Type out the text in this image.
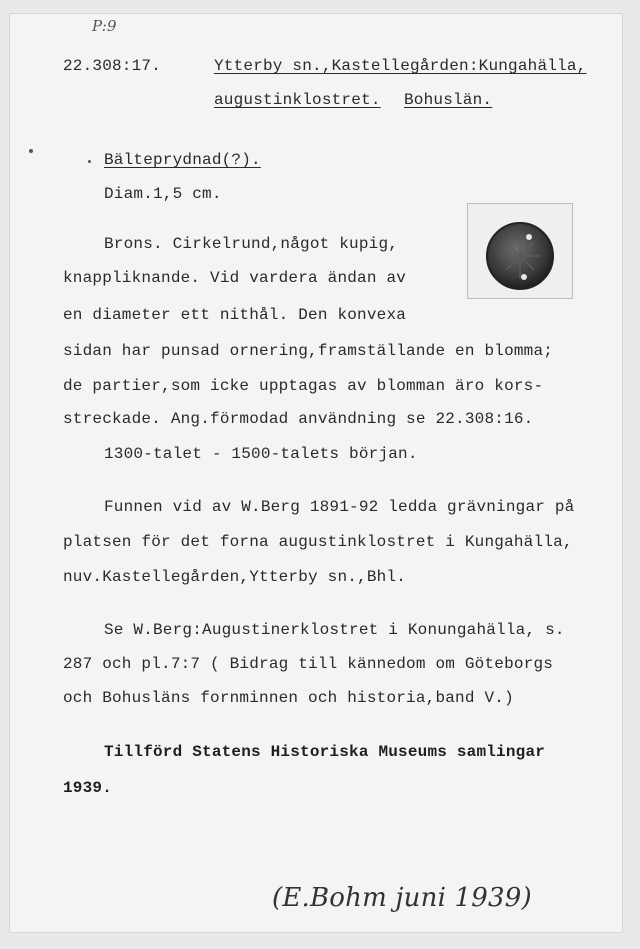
P:9
22.308:17.	Ytterby sn.,Kastellegården:Kungahälla,
augustinklostret. Bohuslän.
Bälteprydnad(?).
Diam.1,5 cm.
Brons. Cirkelrund,något kupig,
knappliknande. Vid vardera ändan av
en diameter ett nithål. Den konvexa
sidan har punsad ornering,framställande en blomma;
de partier,som icke upptagas av blomman äro kors-
streckade. Ang.förmodad användning se 22.308:16.
1300-talet - 1500-talets början.
Funnen vid av W.Berg 1891-92 ledda grävningar på
platsen för det forna augustinklostret i Kungahälla,
nuv.Kastellegården,Ytterby sn.,Bhl.
Se W.Berg:Augustinerklostret i Konungahälla, s.
287 och pl.7:7 ( Bidrag till kännedom om Göteborgs
och Bohusläns fornminnen och historia,band V.)
Tillförd Statens Historiska Museums samlingar
1939.
(E.Bohm juni 1939)
